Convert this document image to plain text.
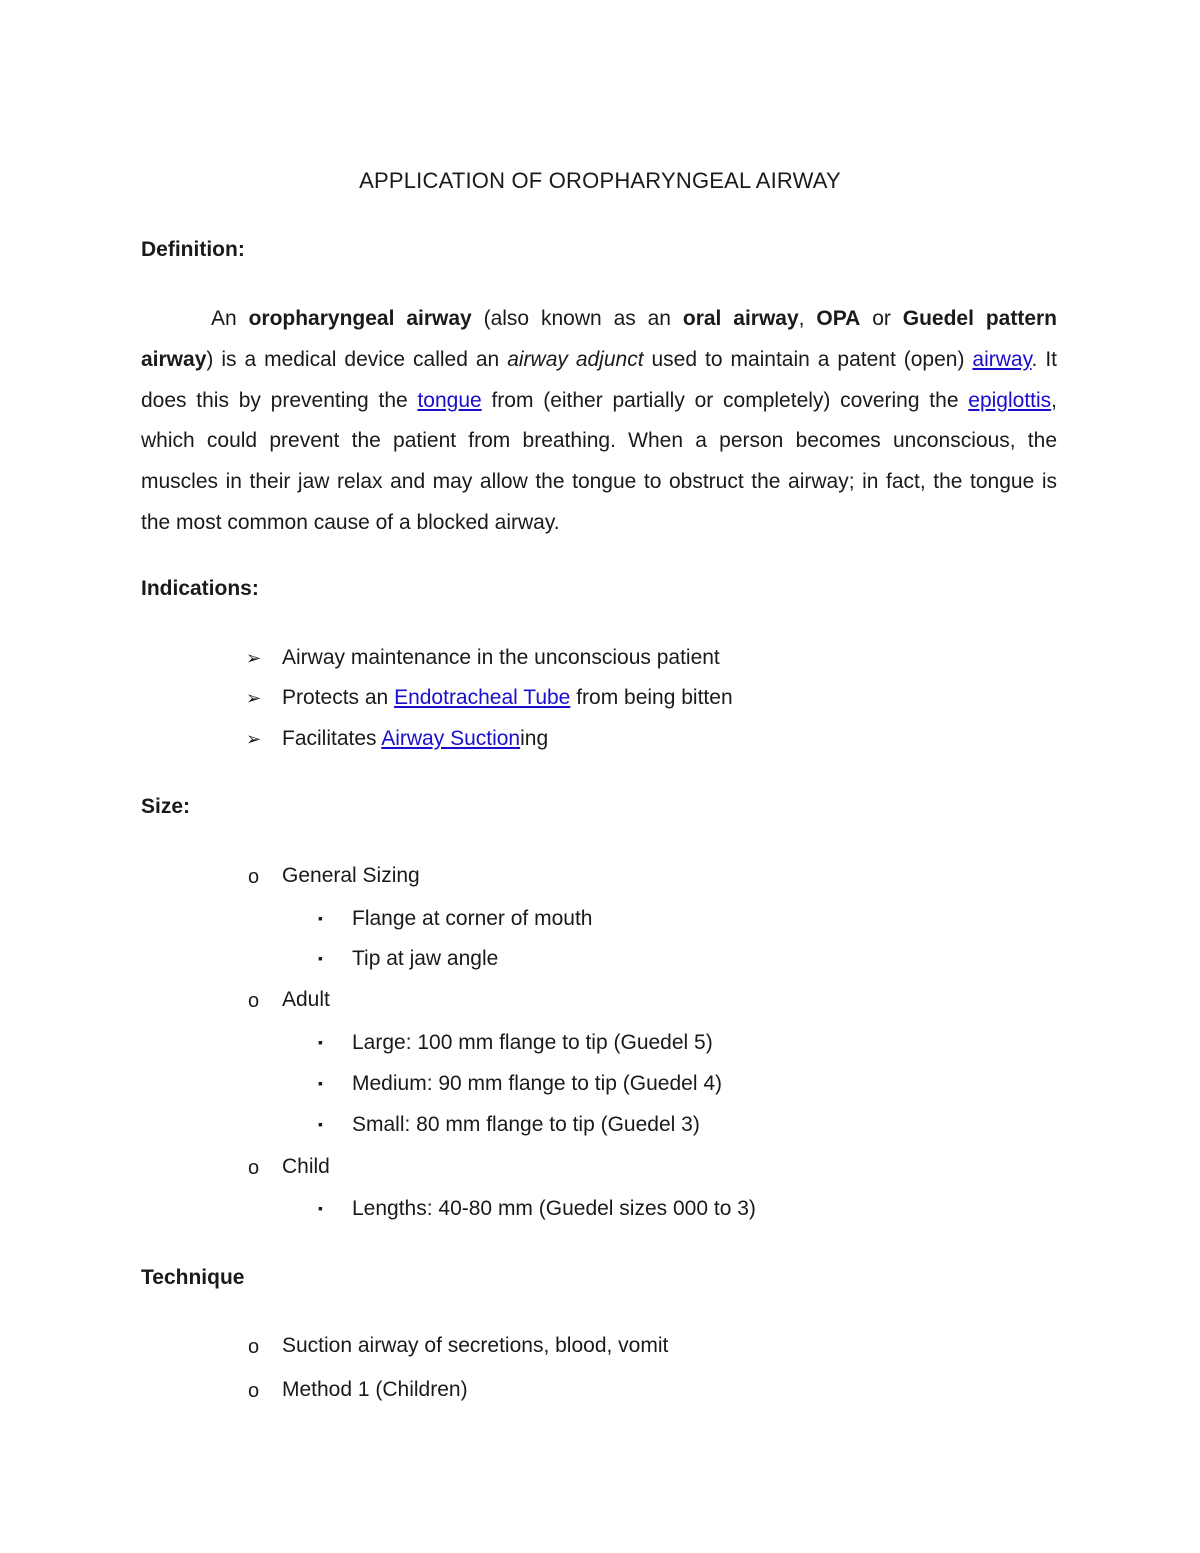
APPLICATION OF OROPHARYNGEAL AIRWAY
Definition:
An oropharyngeal airway (also known as an oral airway, OPA or Guedel pattern airway) is a medical device called an airway adjunct used to maintain a patent (open) airway. It does this by preventing the tongue from (either partially or completely) covering the epiglottis, which could prevent the patient from breathing. When a person becomes unconscious, the muscles in their jaw relax and may allow the tongue to obstruct the airway; in fact, the tongue is the most common cause of a blocked airway.
Indications:
➢ Airway maintenance in the unconscious patient
➢ Protects an Endotracheal Tube from being bitten
➢ Facilitates Airway Suctioning
Size:
o General Sizing
▪ Flange at corner of mouth
▪ Tip at jaw angle
o Adult
▪ Large: 100 mm flange to tip (Guedel 5)
▪ Medium: 90 mm flange to tip (Guedel 4)
▪ Small: 80 mm flange to tip (Guedel 3)
o Child
▪ Lengths: 40-80 mm (Guedel sizes 000 to 3)
Technique
o Suction airway of secretions, blood, vomit
o Method 1 (Children)
